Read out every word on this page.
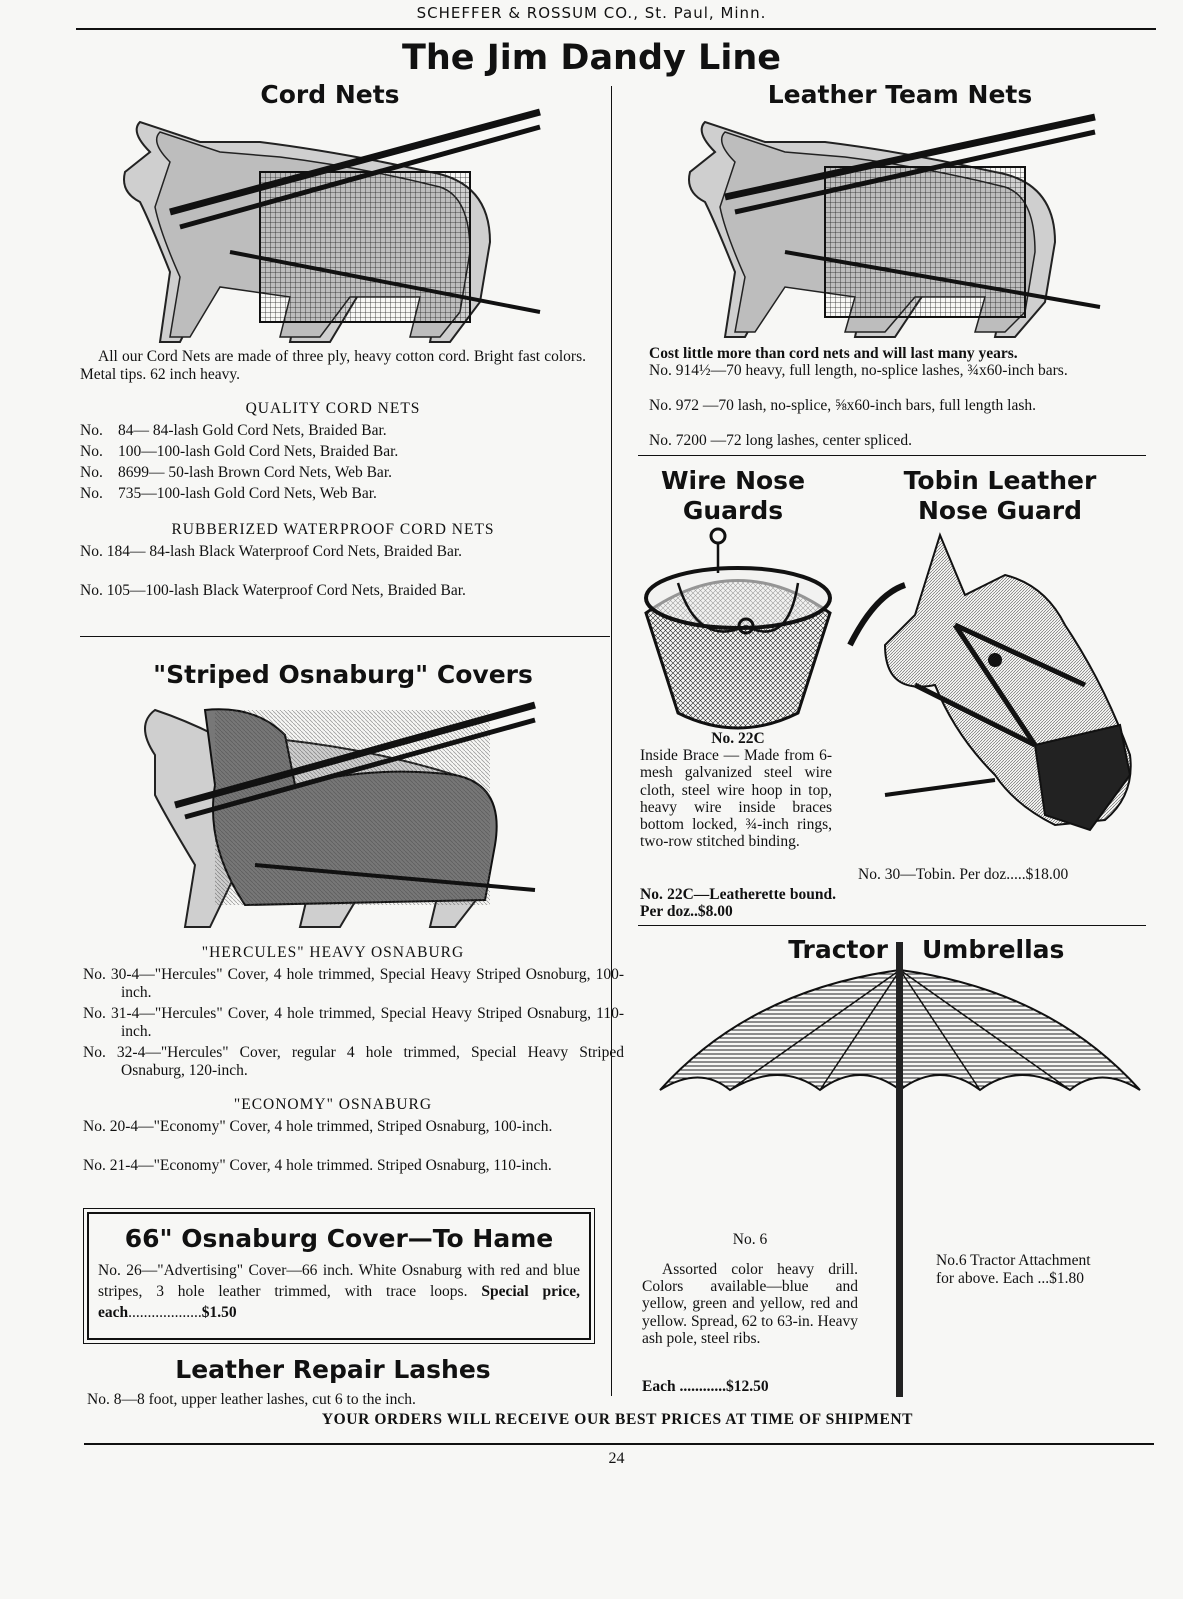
SCHEFFER & ROSSUM CO., St. Paul, Minn.
The Jim Dandy Line
Cord Nets
All our Cord Nets are made of three ply, heavy cotton cord. Bright fast colors. Metal tips. 62 inch heavy.
QUALITY CORD NETS
No. 84— 84-lash Gold Cord Nets, Braided Bar.
No. 100—100-lash Gold Cord Nets, Braided Bar.
No. 8699— 50-lash Brown Cord Nets, Web Bar.
No. 735—100-lash Gold Cord Nets, Web Bar.
RUBBERIZED WATERPROOF CORD NETS
No. 184— 84-lash Black Waterproof Cord Nets, Braided Bar.
No. 105—100-lash Black Waterproof Cord Nets, Braided Bar.
"Striped Osnaburg" Covers
"HERCULES" HEAVY OSNABURG
No. 30-4—"Hercules" Cover, 4 hole trimmed, Special Heavy Striped Osnoburg, 100-inch.
No. 31-4—"Hercules" Cover, 4 hole trimmed, Special Heavy Striped Osnaburg, 110-inch.
No. 32-4—"Hercules" Cover, regular 4 hole trimmed, Special Heavy Striped Osnaburg, 120-inch.
"ECONOMY" OSNABURG
No. 20-4—"Economy" Cover, 4 hole trimmed, Striped Osnaburg, 100-inch.
No. 21-4—"Economy" Cover, 4 hole trimmed. Striped Osnaburg, 110-inch.
66" Osnaburg Cover—To Hame
No. 26—"Advertising" Cover—66 inch. White Osnaburg with red and blue stripes, 3 hole leather trimmed, with trace loops. Special price, each...................$1.50
Leather Repair Lashes
No. 8—8 foot, upper leather lashes, cut 6 to the inch.
Leather Team Nets
Cost little more than cord nets and will last many years.
No. 914½—70 heavy, full length, no-splice lashes, ¾x60-inch bars.
No. 972 —70 lash, no-splice, ⅝x60-inch bars, full length lash.
No. 7200 —72 long lashes, center spliced.
Wire Nose
Guards
No. 22C
Inside Brace — Made from 6-mesh galvanized steel wire cloth, steel wire hoop in top, heavy wire inside braces bottom locked, ¾-inch rings, two-row stitched binding.
No. 22C—Leatherette bound. Per doz..$8.00
Tobin Leather
Nose Guard
No. 30—Tobin. Per doz.....$18.00
Tractor Umbrellas
No. 6
Assorted color heavy drill. Colors available—blue and yellow, green and yellow, red and yellow. Spread, 62 to 63-in. Heavy ash pole, steel ribs.
Each ............$12.50
No.6 Tractor Attachment
for above. Each ...$1.80
YOUR ORDERS WILL RECEIVE OUR BEST PRICES AT TIME OF SHIPMENT
24
